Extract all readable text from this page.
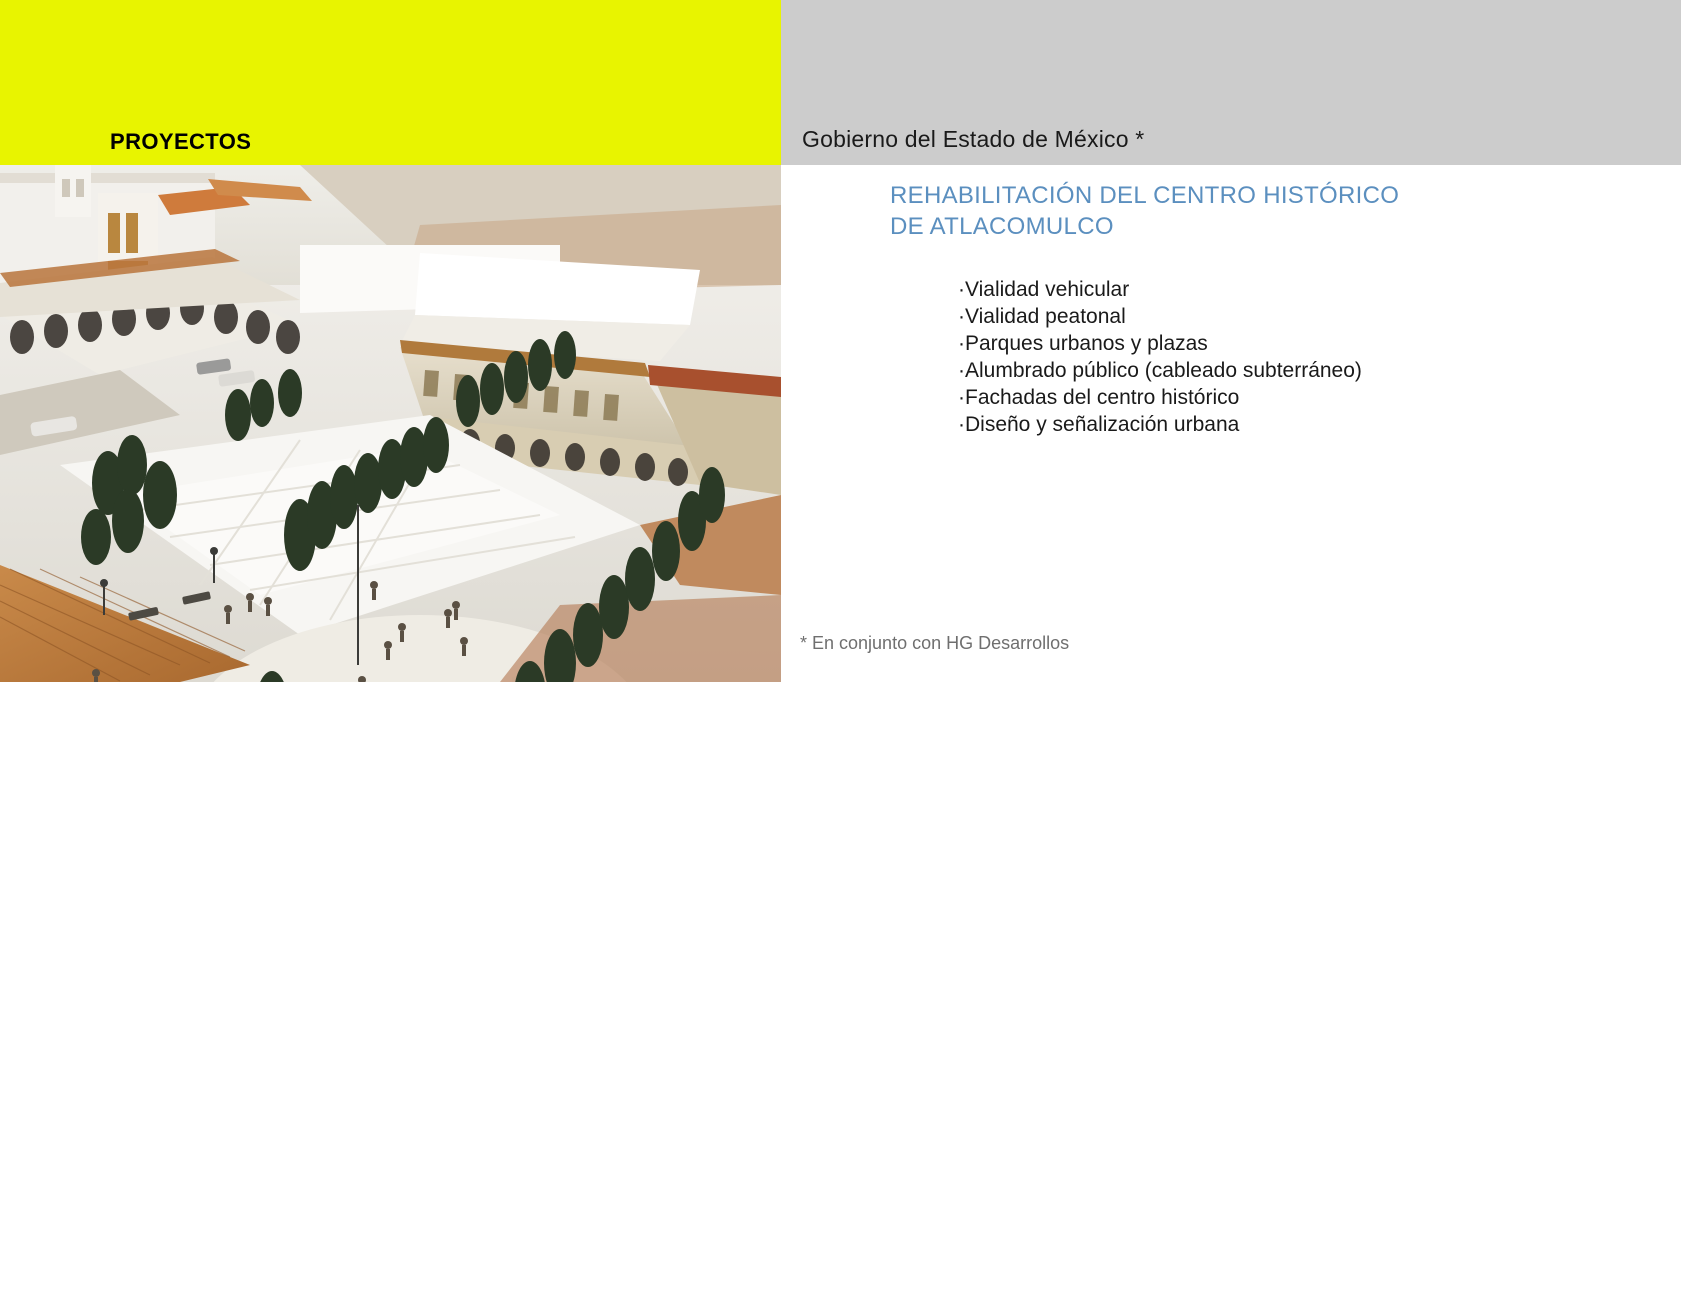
PROYECTOS	Gobierno del Estado de México *
REHABILITACIÓN DEL CENTRO HISTÓRICO
DE ATLACOMULCO
·Vialidad vehicular
·Vialidad peatonal
·Parques urbanos y plazas
·Alumbrado público (cableado subterráneo)
·Fachadas del centro histórico
·Diseño y señalización urbana
* En conjunto con HG Desarrollos
